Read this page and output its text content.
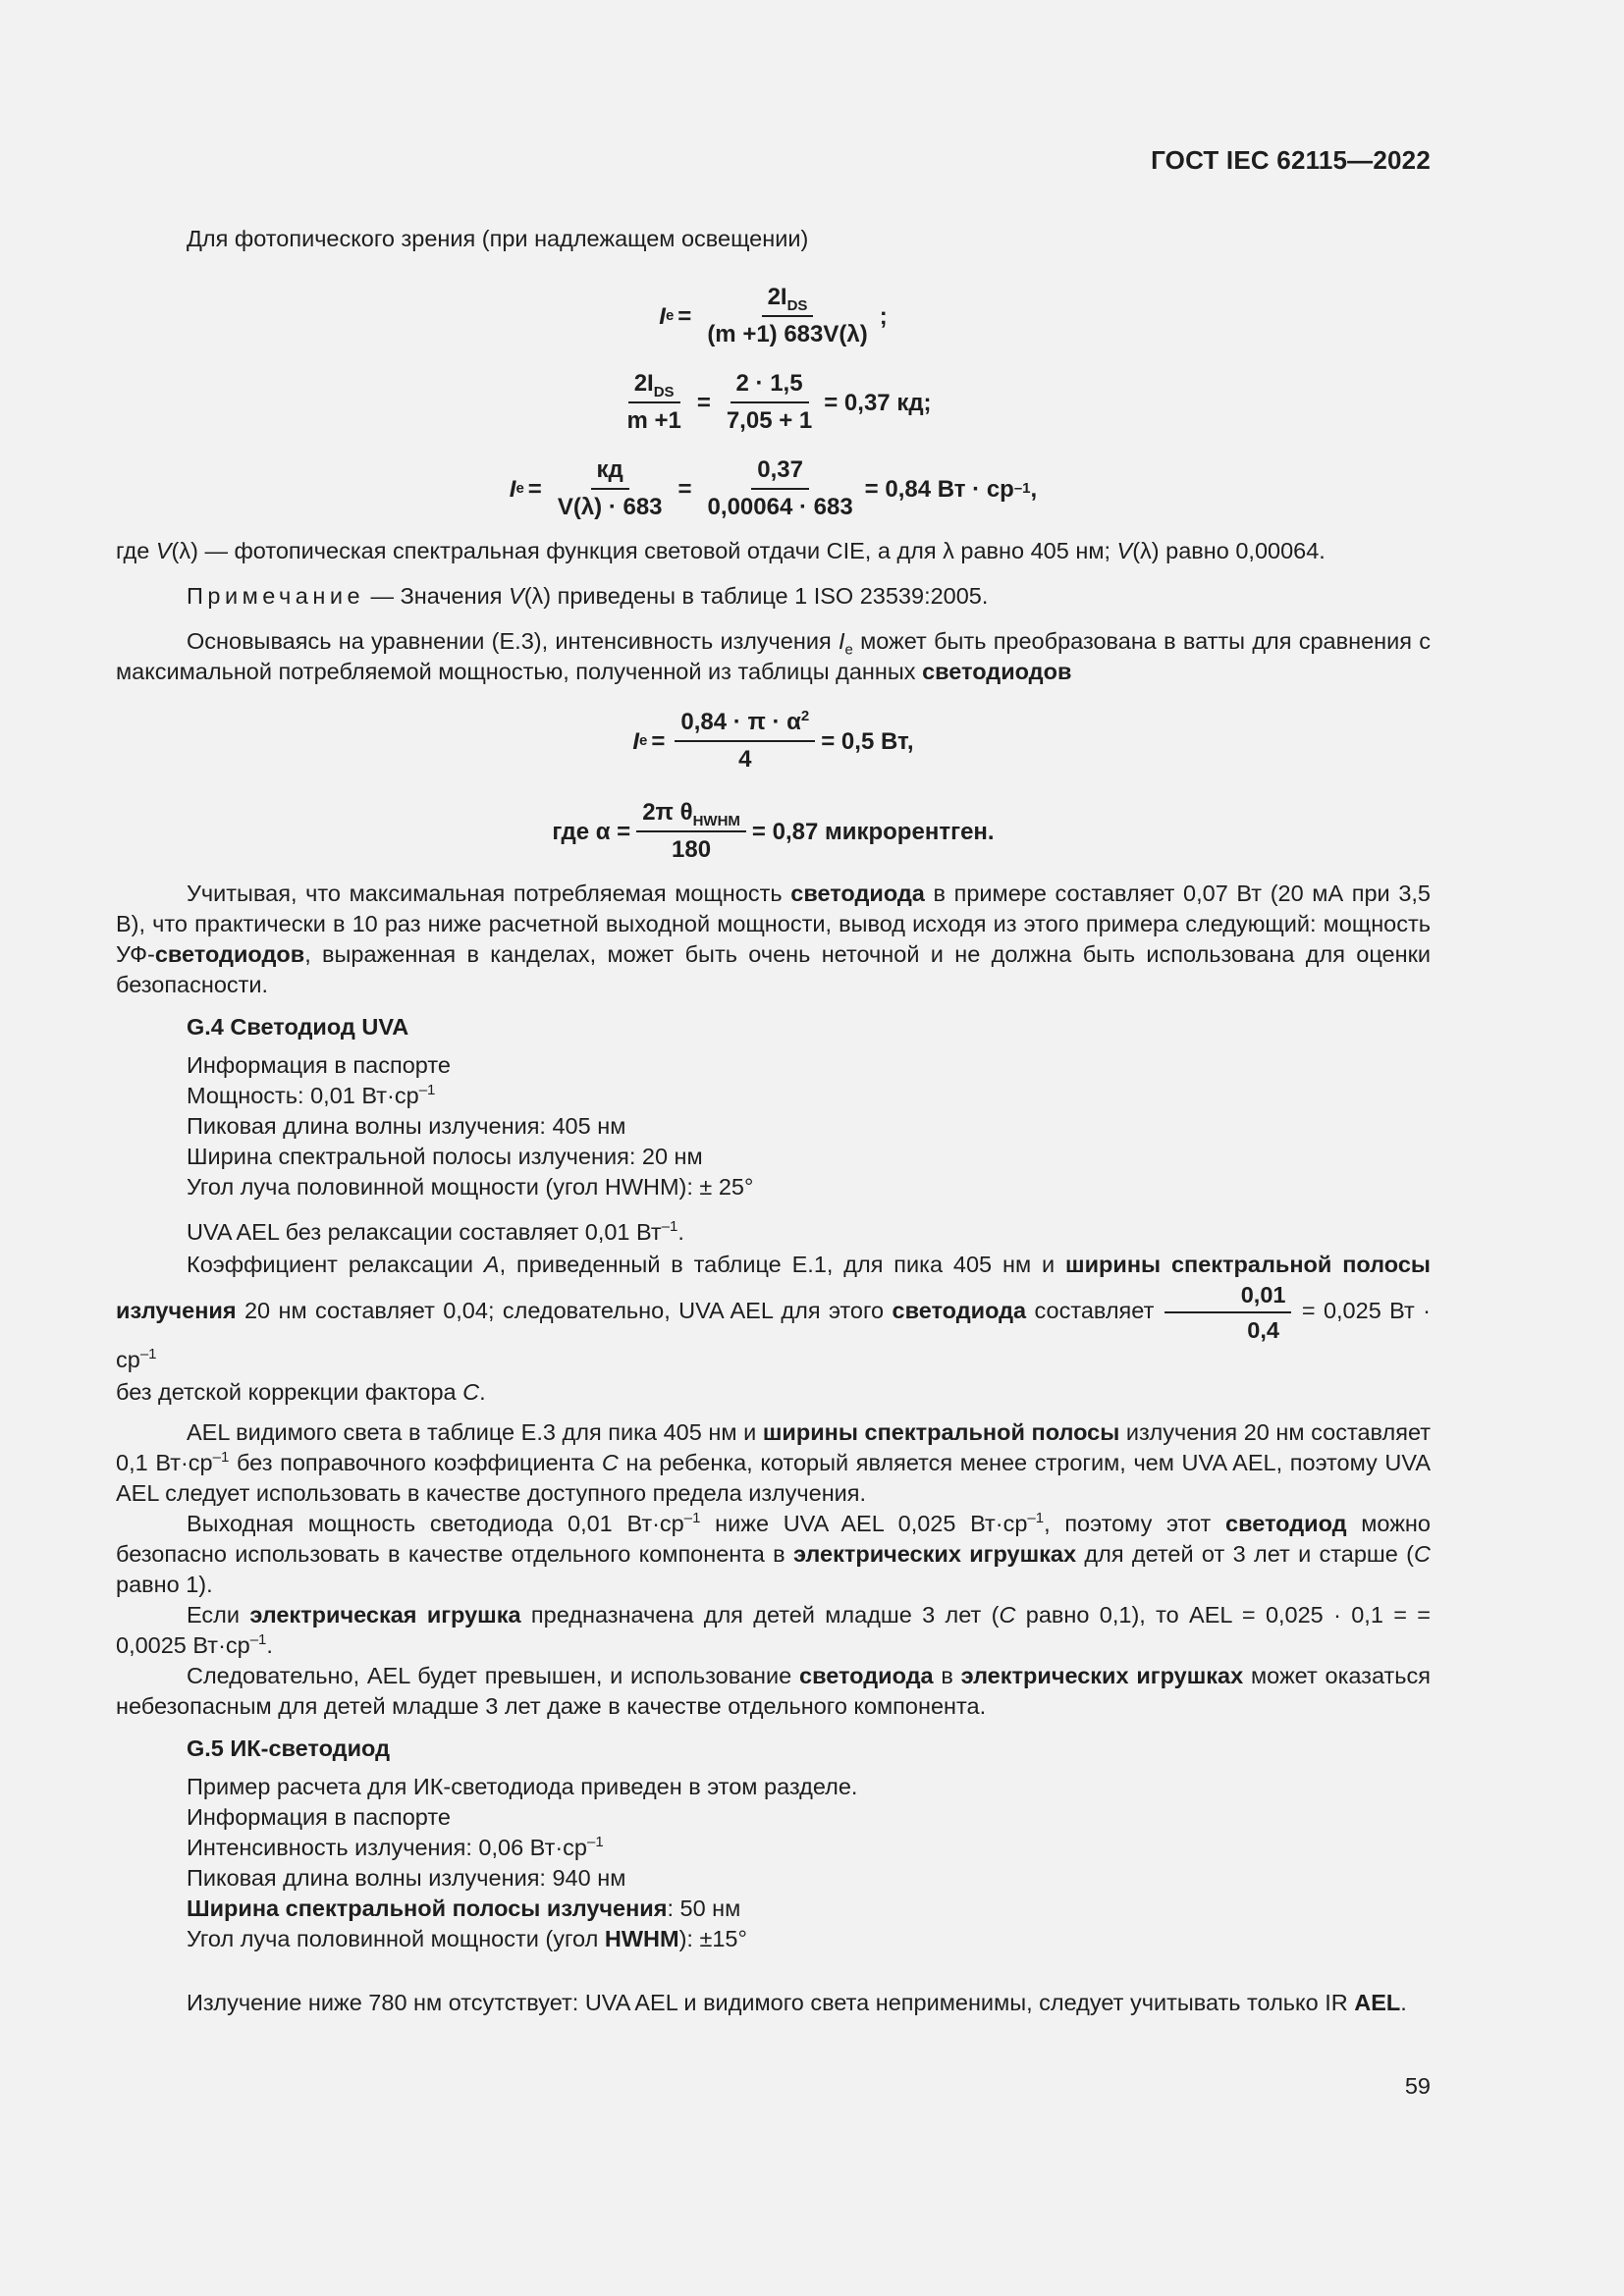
ГОСТ IEC 62115—2022

Для фотопического зрения (при надлежащем освещении)

I $e = \frac{2I_{DS}}{(m +1) 683V(\lambda)}$ ;
$\frac{2I_{DS}}{m +1} = \frac{2 \cdot 1,5}{7,05 + 1} = 0,37$ кд;
I $e = \frac{кд}{V(\lambda) \cdot 683} = \frac{0,37}{0,00064 \cdot 683} = 0,84$ Вт · ср –1 ,

где V(λ) — фотопическая спектральная функция световой отдачи CIE, а для λ равно 405 нм; V(λ) равно 0,00064.

Примечание — Значения V(λ) приведены в таблице 1 ISO 23539:2005.

Основываясь на уравнении (Е.3), интенсивность излучения $I_e$ может быть преобразована в ватты для сравнения с максимальной потребляемой мощностью, полученной из таблицы данных светодиодов

I $e = \frac{0,84 \cdot \pi \cdot \alpha^2}{4} = 0,5$ Вт,
где $\alpha = \frac{2\pi \theta_{HWHM}}{180} = 0,87$ микрорентген.

Учитывая, что максимальная потребляемая мощность светодиода в примере составляет 0,07 Вт (20 мА при 3,5 В), что практически в 10 раз ниже расчетной выходной мощности, вывод исходя из этого примера следующий: мощность УФ-светодиодов, выраженная в канделах, может быть очень неточной и не должна быть использована для оценки безопасности.

G.4 Светодиод UVA

Информация в паспорте

Мощность: 0,01 $Вт\cdot ср^{-1}$

Пиковая длина волны излучения: 405 нм

Ширина спектральной полосы излучения: 20 нм

Угол луча половинной мощности (угол HWHM): ± 25°

UVA AEL без релаксации составляет 0,01 $Вт^{-1}$.

Коэффициент релаксации А, приведенный в таблице Е.1, для пика 405 нм и ширины спектральной полосы излучения 20 нм составляет 0,04; следовательно, UVA AEL для этого светодиода составляет $\frac{0,01}{0,4} = 0,025$ Вт · $ср^{-1}$

без детской коррекции фактора С.

AEL видимого света в таблице Е.3 для пика 405 нм и ширины спектральной полосы излучения 20 нм составляет 0,1 $Вт\cdot ср^{-1}$ без поправочного коэффициента С на ребенка, который является менее строгим, чем UVA AEL, поэтому UVA AEL следует использовать в качестве доступного предела излучения.

Выходная мощность светодиода 0,01 $Вт\cdot ср^{-1}$ ниже UVA AEL 0,025 $Вт\cdot ср^{-1}$, поэтому этот светодиод можно безопасно использовать в качестве отдельного компонента в электрических игрушках для детей от 3 лет и старше (С равно 1).

Если электрическая игрушка предназначена для детей младше 3 лет (С равно 0,1), то AEL = 0,025 · 0,1 = = 0,0025 $Вт\cdot ср^{-1}$.

Следовательно, AEL будет превышен, и использование светодиода в электрических игрушках может оказаться небезопасным для детей младше 3 лет даже в качестве отдельного компонента.

G.5 ИК-светодиод

Пример расчета для ИК-светодиода приведен в этом разделе.

Информация в паспорте

Интенсивность излучения: 0,06 $Вт\cdot ср^{-1}$

Пиковая длина волны излучения: 940 нм

Ширина спектральной полосы излучения: 50 нм

Угол луча половинной мощности (угол HWHM): ±15°

Излучение ниже 780 нм отсутствует: UVA AEL и видимого света неприменимы, следует учитывать только IR AEL.

59
